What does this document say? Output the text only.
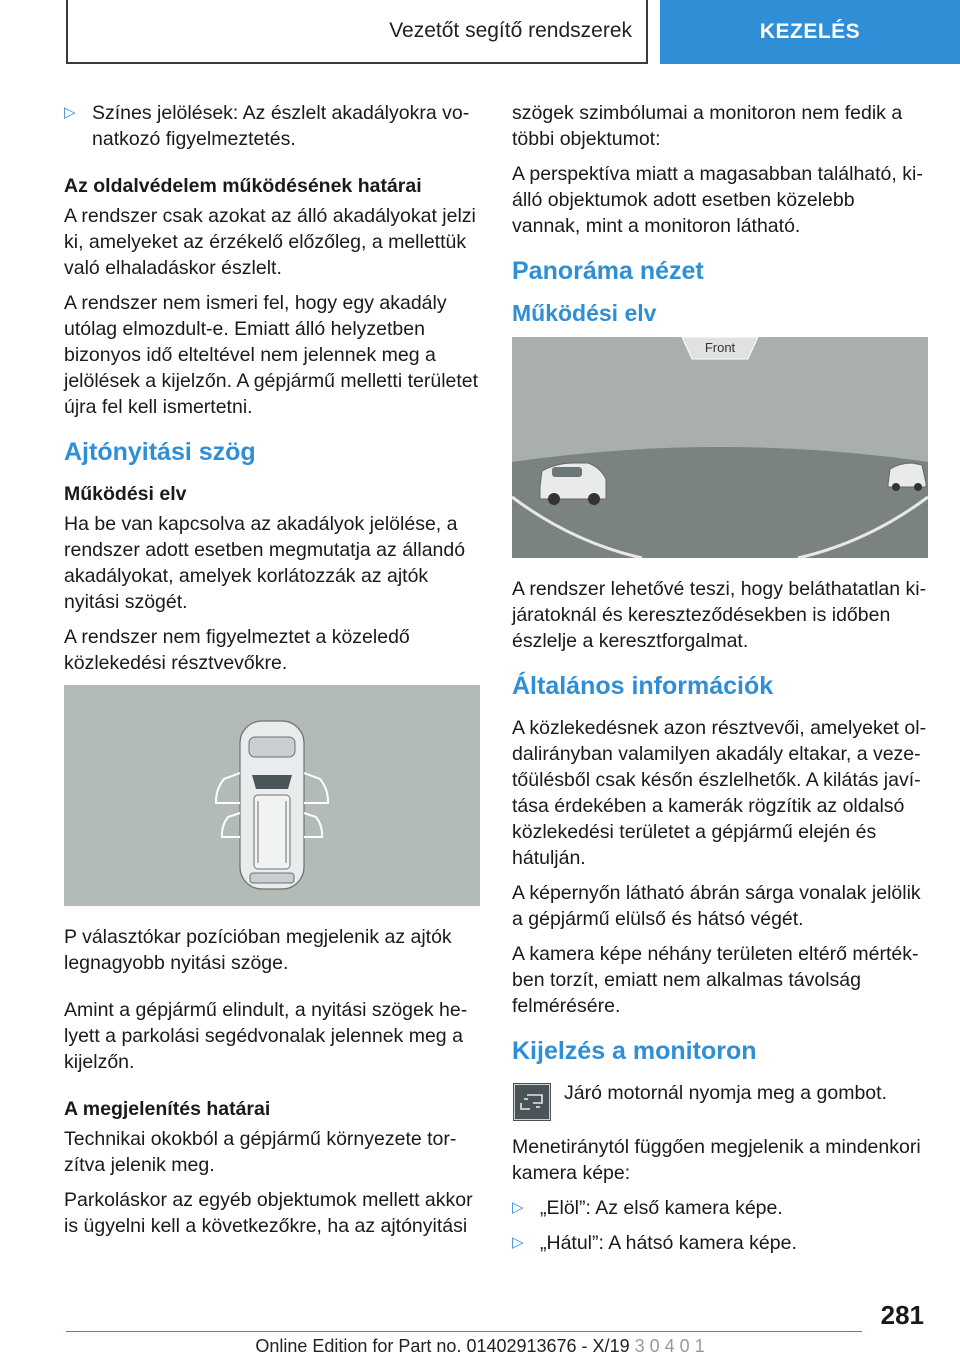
Vezetőt segítő rendszerek	KEZELÉS
▷ Színes jelölések: Az észlelt akadályokra vonatkozó figyelmeztetés.

Az oldalvédelem működésének határai

A rendszer csak azokat az álló akadályokat jelzi ki, amelyeket az érzékelő előzőleg, a mellettük való elhaladáskor észlelt.

A rendszer nem ismeri fel, hogy egy akadály utólag elmozdult-e. Emiatt álló helyzetben bizonyos idő elteltével nem jelennek meg a jelölések a kijelzőn. A gépjármű melletti területet újra fel kell ismertetni.

Ajtónyitási szög

Működési elv

Ha be van kapcsolva az akadályok jelölése, a rendszer adott esetben megmutatja az állandó akadályokat, amelyek korlátozzák az ajtók nyitási szögét.

A rendszer nem figyelmeztet a közeledő közlekedési résztvevőkre.

P választókar pozícióban megjelenik az ajtók legnagyobb nyitási szöge.

Amint a gépjármű elindult, a nyitási szögek helyett a parkolási segédvonalak jelennek meg a kijelzőn.

A megjelenítés határai

Technikai okokból a gépjármű környezete torzítva jelenik meg.

Parkoláskor az egyéb objektumok mellett akkor is ügyelni kell a következőkre, ha az ajtónyitási

szögek szimbólumai a monitoron nem fedik a többi objektumot:

A perspektíva miatt a magasabban található, kiálló objektumok adott esetben közelebb vannak, mint a monitoron látható.

Panoráma nézet
Működési elv
Front

A rendszer lehetővé teszi, hogy beláthatatlan kijáratoknál és kereszteződésekben is időben észlelje a keresztforgalmat.

Általános információk

A közlekedésnek azon résztvevői, amelyeket oldalirányban valamilyen akadály eltakar, a vezetőülésből csak későn észlelhetők. A kilátás javítása érdekében a kamerák rögzítik az oldalsó közlekedési területet a gépjármű elején és hátulján.

A képernyőn látható ábrán sárga vonalak jelölik a gépjármű elülső és hátsó végét.

A kamera képe néhány területen eltérő mértékben torzít, emiatt nem alkalmas távolság felmérésére.

Kijelzés a monitoron
Járó motornál nyomja meg a gombot.

Menetiránytól függően megjelenik a mindenkori kamera képe:

▷ „Elöl”: Az első kamera képe.
▷ „Hátul”: A hátsó kamera képe.
281
Online Edition for Part no. 01402913676 - X/19 3 0 4 0 1
